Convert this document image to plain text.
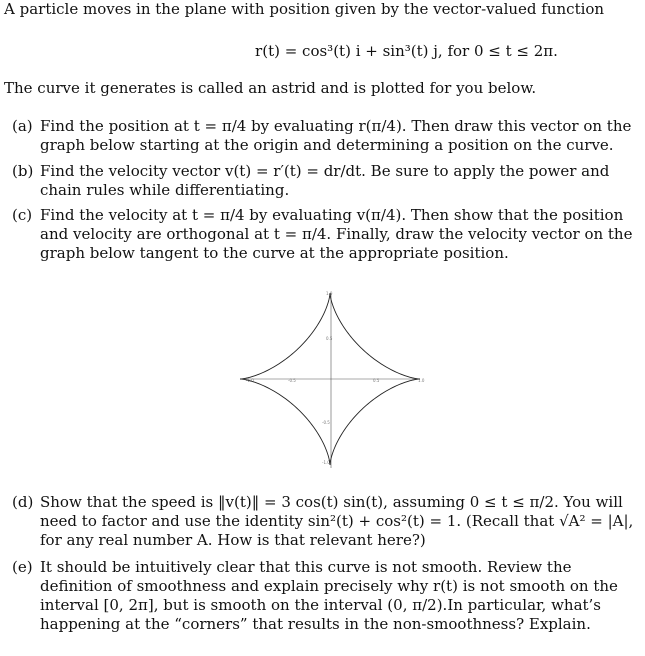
A particle moves in the plane with position given by the vector-valued function
r(t) = cos³(t) i + sin³(t) j, for 0 ≤ t ≤ 2π.
The curve it generates is called an astrid and is plotted for you below.
(a) Find the position at t = π/4 by evaluating r(π/4). Then draw this vector on the graph below starting at the origin and determining a position on the curve.
(b) Find the velocity vector v(t) = r′(t) = dr/dt. Be sure to apply the power and chain rules while differentiating.
(c) Find the velocity at t = π/4 by evaluating v(π/4). Then show that the position and velocity are orthogonal at t = π/4. Finally, draw the velocity vector on the graph below tangent to the curve at the appropriate position.
-1.0	-0.5	0.5	1.0
1.0
0.5
-0.5
-1.0
(d) Show that the speed is ‖v(t)‖ = 3 cos(t) sin(t), assuming 0 ≤ t ≤ π/2. You will need to factor and use the identity sin²(t) + cos²(t) = 1. (Recall that √A² = |A|, for any real number A. How is that relevant here?)
(e) It should be intuitively clear that this curve is not smooth. Review the definition of smoothness and explain precisely why r(t) is not smooth on the interval [0, 2π], but is smooth on the interval (0, π/2).In particular, what’s happening at the “corners” that results in the non-smoothness? Explain.
